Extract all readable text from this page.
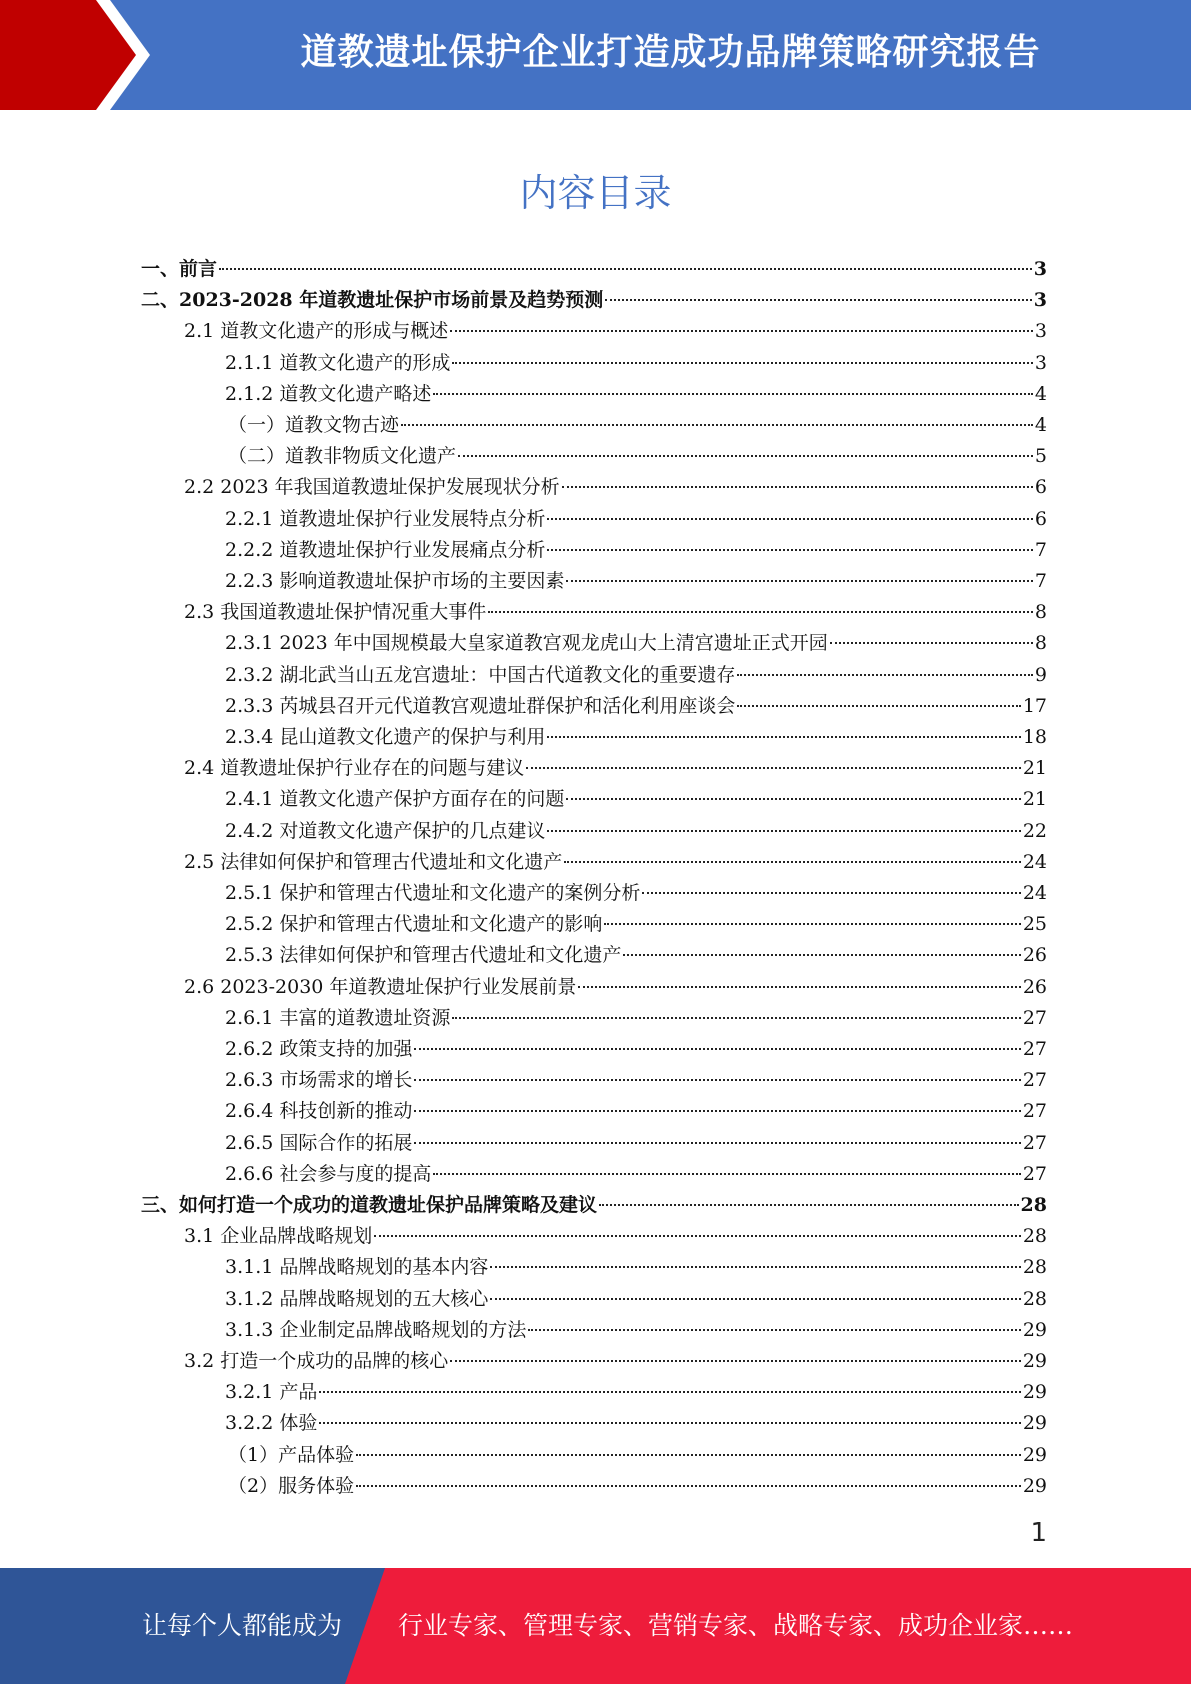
道教遗址保护企业打造成功品牌策略研究报告
内容目录
一、前言	3
二、2023-2028 年道教遗址保护市场前景及趋势预测	3
2.1 道教文化遗产的形成与概述	3
2.1.1 道教文化遗产的形成	3
2.1.2 道教文化遗产略述	4
（一）道教文物古迹	4
（二）道教非物质文化遗产	5
2.2 2023 年我国道教遗址保护发展现状分析	6
2.2.1 道教遗址保护行业发展特点分析	6
2.2.2 道教遗址保护行业发展痛点分析	7
2.2.3 影响道教遗址保护市场的主要因素	7
2.3 我国道教遗址保护情况重大事件	8
2.3.1 2023 年中国规模最大皇家道教宫观龙虎山大上清宫遗址正式开园	8
2.3.2 湖北武当山五龙宫遗址：中国古代道教文化的重要遗存	9
2.3.3 芮城县召开元代道教宫观遗址群保护和活化利用座谈会	17
2.3.4 昆山道教文化遗产的保护与利用	18
2.4 道教遗址保护行业存在的问题与建议	21
2.4.1 道教文化遗产保护方面存在的问题	21
2.4.2 对道教文化遗产保护的几点建议	22
2.5 法律如何保护和管理古代遗址和文化遗产	24
2.5.1 保护和管理古代遗址和文化遗产的案例分析	24
2.5.2 保护和管理古代遗址和文化遗产的影响	25
2.5.3 法律如何保护和管理古代遗址和文化遗产	26
2.6 2023-2030 年道教遗址保护行业发展前景	26
2.6.1 丰富的道教遗址资源	27
2.6.2 政策支持的加强	27
2.6.3 市场需求的增长	27
2.6.4 科技创新的推动	27
2.6.5 国际合作的拓展	27
2.6.6 社会参与度的提高	27
三、如何打造一个成功的道教遗址保护品牌策略及建议	28
3.1 企业品牌战略规划	28
3.1.1 品牌战略规划的基本内容	28
3.1.2 品牌战略规划的五大核心	28
3.1.3 企业制定品牌战略规划的方法	29
3.2 打造一个成功的品牌的核心	29
3.2.1 产品	29
3.2.2 体验	29
（1）产品体验	29
（2）服务体验	29
1
让每个人都能成为 行业专家、管理专家、营销专家、战略专家、成功企业家……
